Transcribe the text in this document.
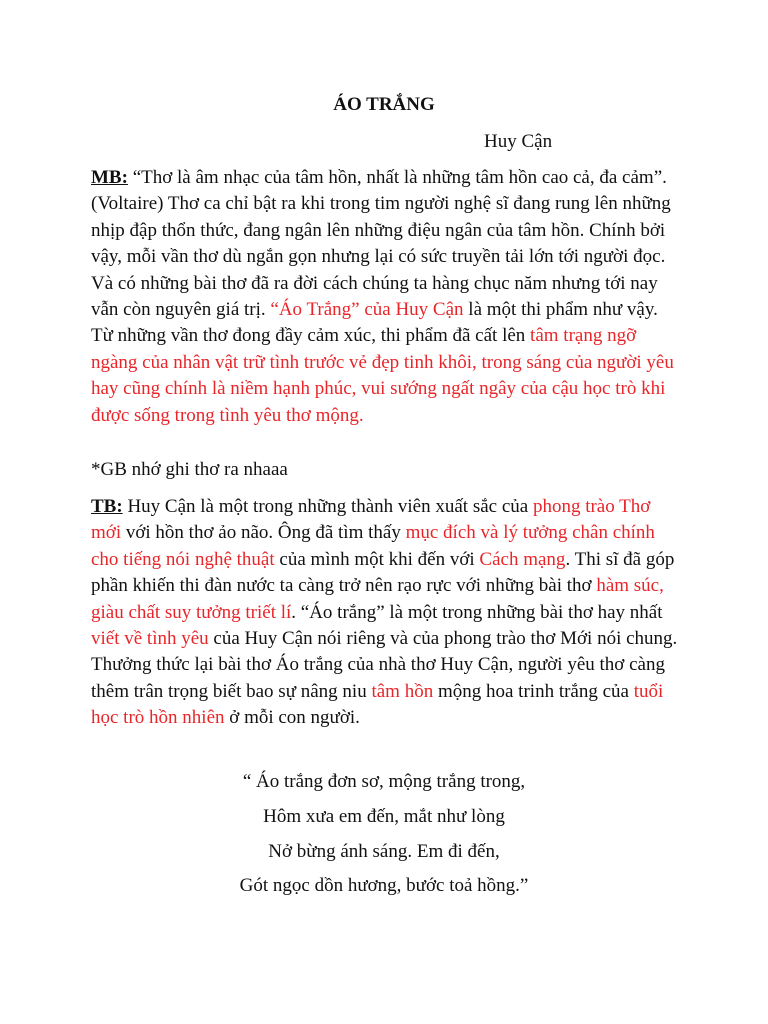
ÁO TRẮNG
Huy Cận
MB: “Thơ là âm nhạc của tâm hồn, nhất là những tâm hồn cao cả, đa cảm”. (Voltaire) Thơ ca chỉ bật ra khi trong tim người nghệ sĩ đang rung lên những nhịp đập thổn thức, đang ngân lên những điệu ngân của tâm hồn. Chính bởi vậy, mỗi vần thơ dù ngắn gọn nhưng lại có sức truyền tải lớn tới người đọc. Và có những bài thơ đã ra đời cách chúng ta hàng chục năm nhưng tới nay vẫn còn nguyên giá trị. “Áo Trắng” của Huy Cận là một thi phẩm như vậy. Từ những vần thơ đong đầy cảm xúc, thi phẩm đã cất lên tâm trạng ngỡ ngàng của nhân vật trữ tình trước vẻ đẹp tinh khôi, trong sáng của người yêu hay cũng chính là niềm hạnh phúc, vui sướng ngất ngây của cậu học trò khi được sống trong tình yêu thơ mộng.
*GB nhớ ghi thơ ra nhaaa
TB: Huy Cận là một trong những thành viên xuất sắc của phong trào Thơ mới với hồn thơ ảo não. Ông đã tìm thấy mục đích và lý tưởng chân chính cho tiếng nói nghệ thuật của mình một khi đến với Cách mạng. Thi sĩ đã góp phần khiến thi đàn nước ta càng trở nên rạo rực với những bài thơ hàm súc, giàu chất suy tưởng triết lí. “Áo trắng” là một trong những bài thơ hay nhất viết về tình yêu của Huy Cận nói riêng và của phong trào thơ Mới nói chung. Thưởng thức lại bài thơ Áo trắng của nhà thơ Huy Cận, người yêu thơ càng thêm trân trọng biết bao sự nâng niu tâm hồn mộng hoa trinh trắng của tuổi học trò hồn nhiên ở mỗi con người.
“ Áo trắng đơn sơ, mộng trắng trong,
Hôm xưa em đến, mắt như lòng
Nở bừng ánh sáng. Em đi đến,
Gót ngọc dồn hương, bước toả hồng.”
